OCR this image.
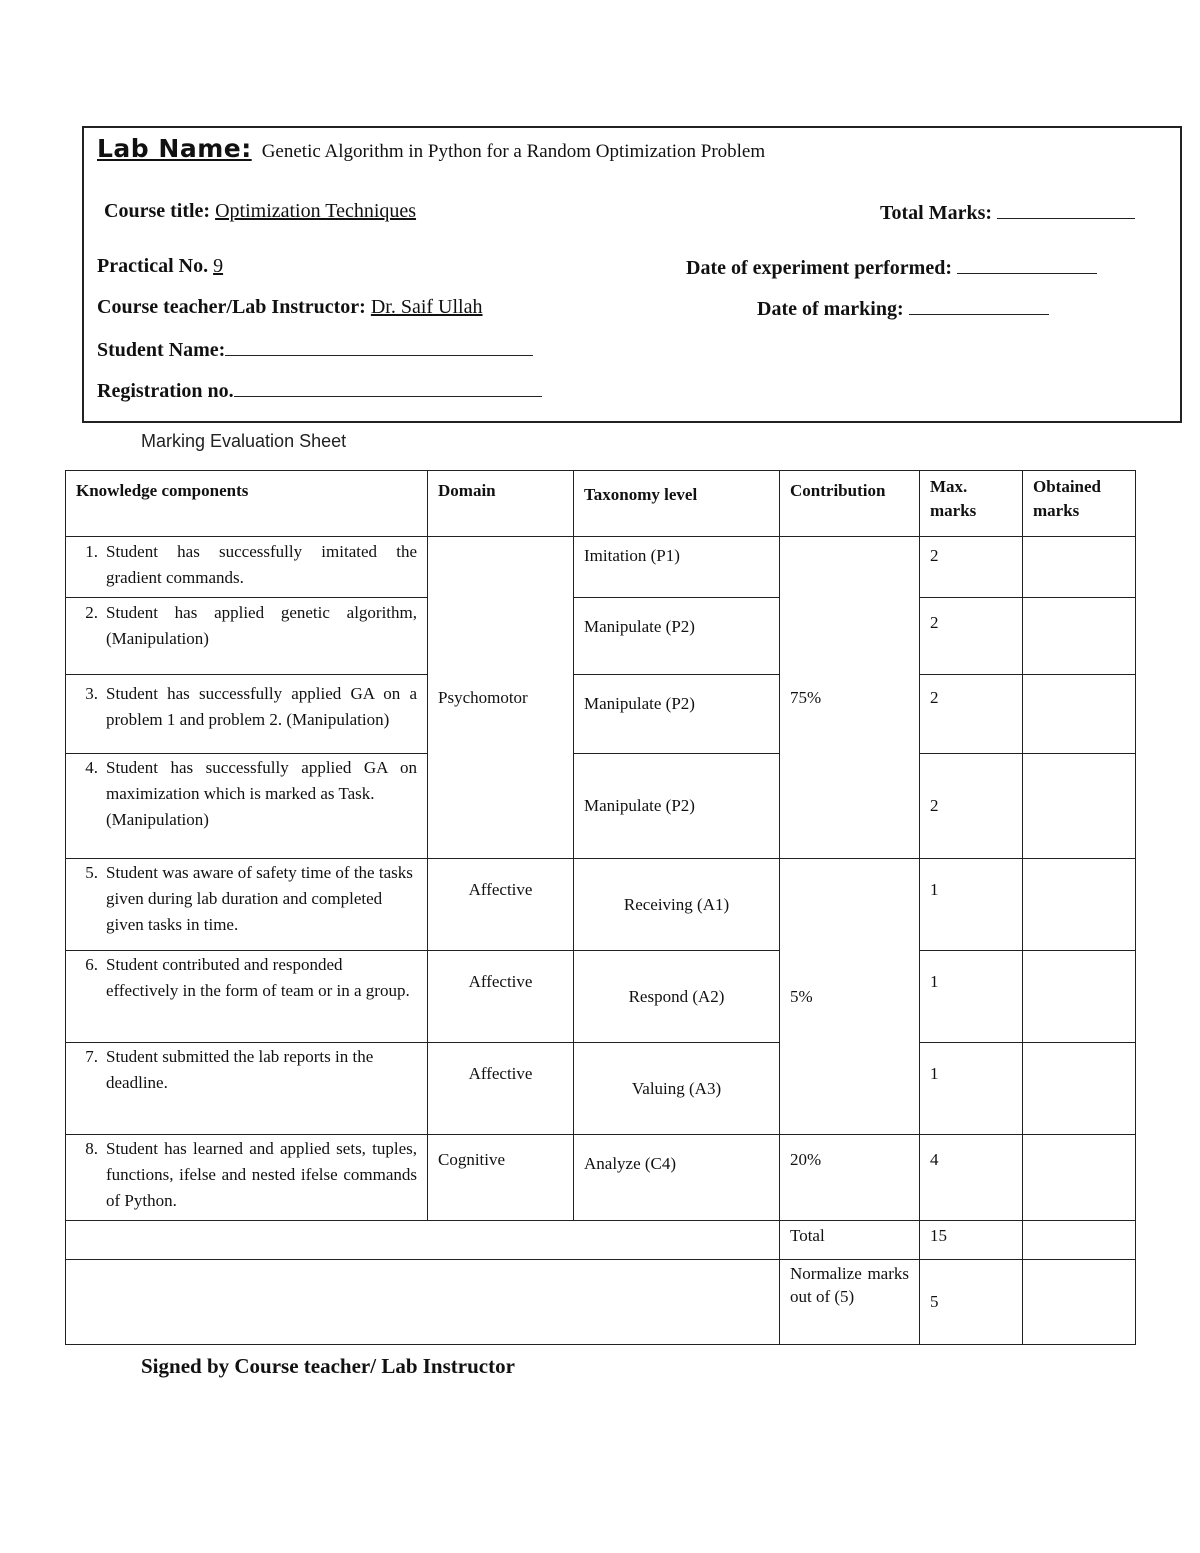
Lab Name: Genetic Algorithm in Python for a Random Optimization Problem
Course title: Optimization Techniques	Total Marks:
Practical No. 9	Date of experiment performed:
Course teacher/Lab Instructor: Dr. Saif Ullah	Date of marking:
Student Name:
Registration no.
Marking Evaluation Sheet
Knowledge components	Domain	Taxonomy level	Contribution	Max. marks	Obtained marks

1. Student has successfully imitated the gradient commands.	Psychomotor	Imitation (P1)	75%	2	

2. Student has applied genetic algorithm, (Manipulation)		Manipulate (P2)		2	

3. Student has successfully applied GA on a problem 1 and problem 2. (Manipulation)		Manipulate (P2)		2	

4. Student has successfully applied GA on maximization which is marked as Task.
(Manipulation)		Manipulate (P2)		2	

5. Student was aware of safety time of the tasks given during lab duration and completed given tasks in time.	Affective	Receiving (A1)	5%	1	

6. Student contributed and responded effectively in the form of team or in a group.	Affective	Respond (A2)		1	

7. Student submitted the lab reports in the deadline.	Affective	Valuing (A3)		1	

8. Student has learned and applied sets, tuples, functions, ifelse and nested ifelse commands of Python.	Cognitive	Analyze (C4)	20%	4	
			Total	15	
			Normalize marks out of (5)	5	
Signed by Course teacher/ Lab Instructor
